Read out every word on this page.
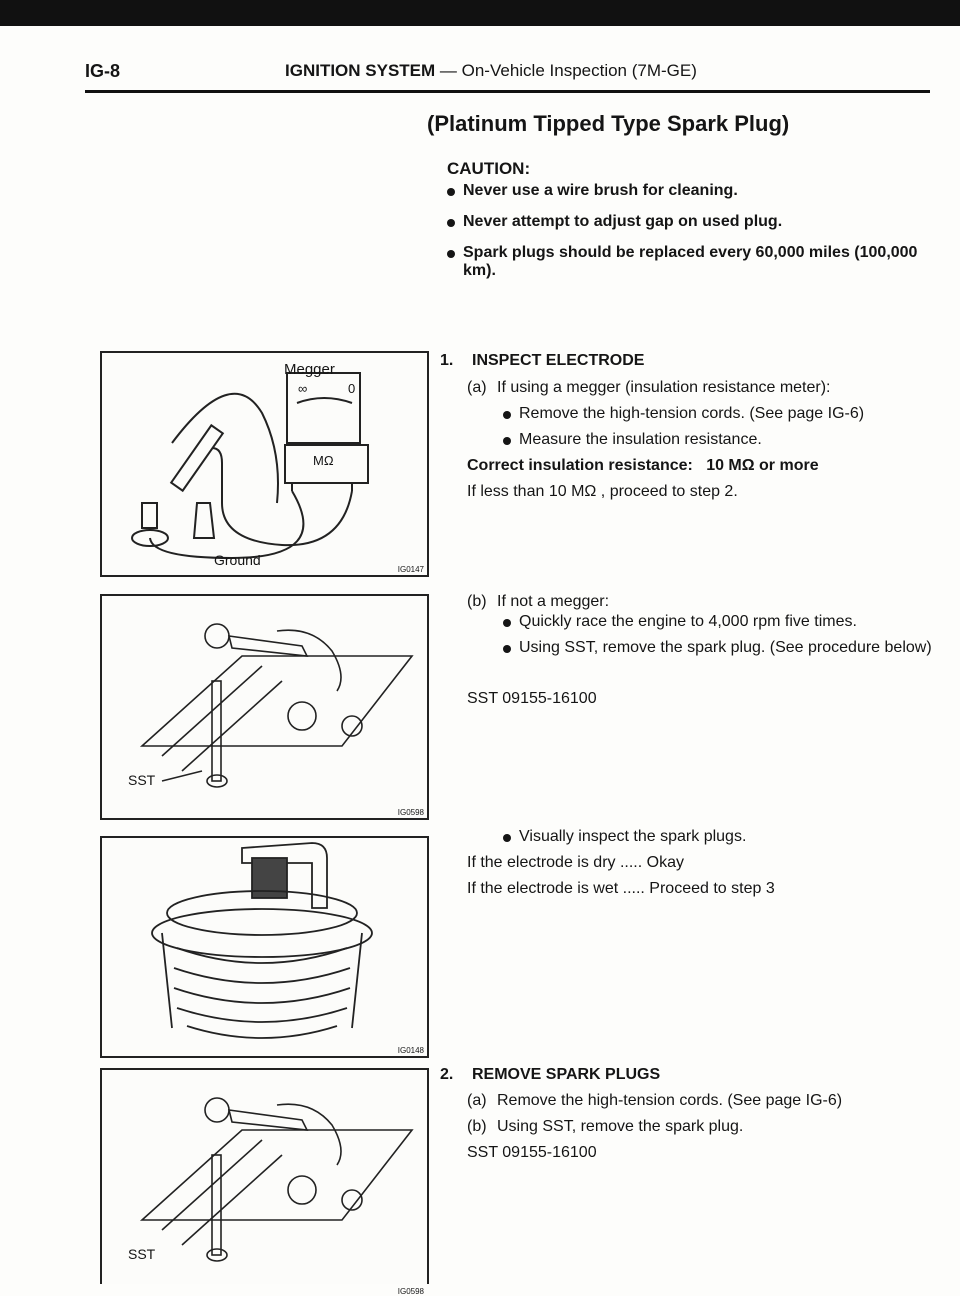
IG-8	IGNITION SYSTEM — On-Vehicle Inspection (7M-GE)
(Platinum Tipped Type Spark Plug)
CAUTION:
Never use a wire brush for cleaning.
Never attempt to adjust gap on used plug.
Spark plugs should be replaced every 60,000 miles (100,000 km).
1. INSPECT ELECTRODE
(a) If using a megger (insulation resistance meter):
Remove the high-tension cords. (See page IG-6)
Measure the insulation resistance.
Correct insulation resistance: 10 MΩ or more
If less than 10 MΩ , proceed to step 2.
(b) If not a megger:
Quickly race the engine to 4,000 rpm five times.
Using SST, remove the spark plug. (See procedure below)
SST 09155-16100
Visually inspect the spark plugs.
If the electrode is dry ..... Okay
If the electrode is wet ..... Proceed to step 3
2. REMOVE SPARK PLUGS
(a) Remove the high-tension cords. (See page IG-6)
(b) Using SST, remove the spark plug.
SST 09155-16100
Megger
∞	0
MΩ
Ground
IG0147
SST
IG0598
IG0148
SST
IG0598
